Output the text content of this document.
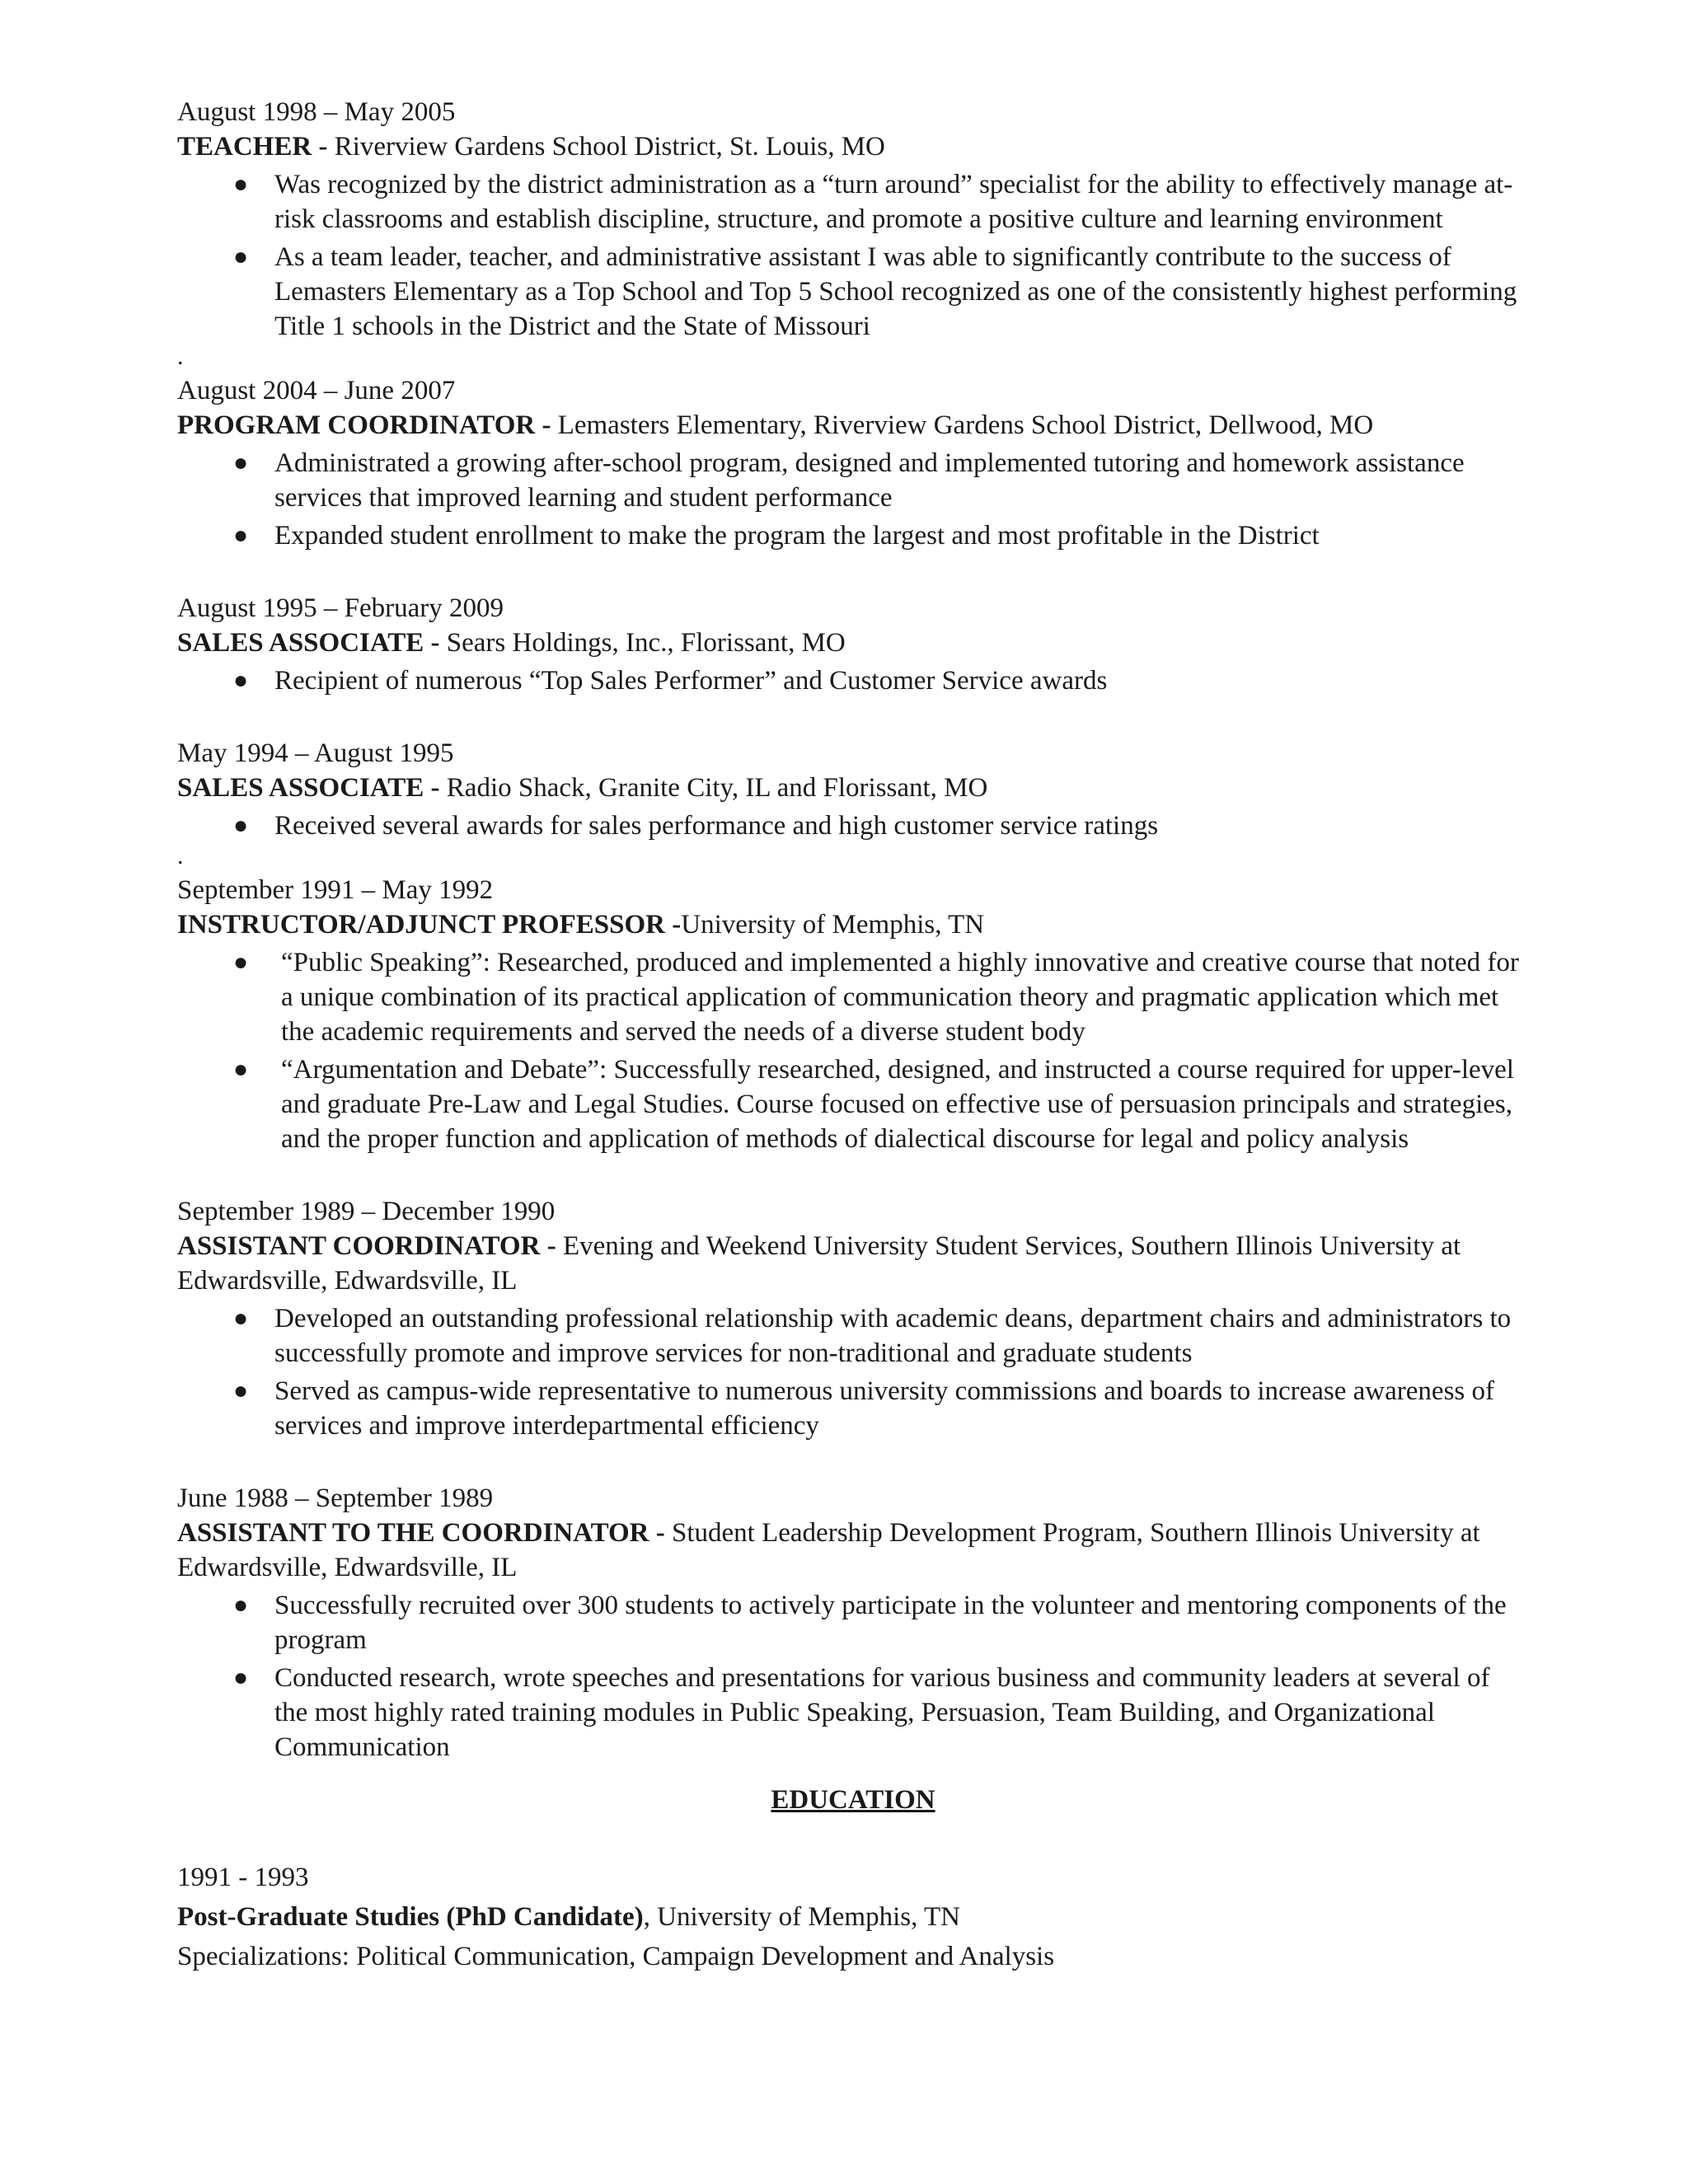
August 1998 – May 2005
TEACHER - Riverview Gardens School District, St. Louis, MO
● Was recognized by the district administration as a “turn around” specialist for the ability to effectively manage at-risk classrooms and establish discipline, structure, and promote a positive culture and learning environment
● As a team leader, teacher, and administrative assistant I was able to significantly contribute to the success of Lemasters Elementary as a Top School and Top 5 School recognized as one of the consistently highest performing Title 1 schools in the District and the State of Missouri
.
August 2004 – June 2007
PROGRAM COORDINATOR - Lemasters Elementary, Riverview Gardens School District, Dellwood, MO
● Administrated a growing after-school program, designed and implemented tutoring and homework assistance services that improved learning and student performance
● Expanded student enrollment to make the program the largest and most profitable in the District
August 1995 – February 2009
SALES ASSOCIATE - Sears Holdings, Inc., Florissant, MO
● Recipient of numerous “Top Sales Performer” and Customer Service awards
May 1994 – August 1995
SALES ASSOCIATE - Radio Shack, Granite City, IL and Florissant, MO
● Received several awards for sales performance and high customer service ratings
.
September 1991 – May 1992
INSTRUCTOR/ADJUNCT PROFESSOR -University of Memphis, TN
● “Public Speaking”: Researched, produced and implemented a highly innovative and creative course that noted for a unique combination of its practical application of communication theory and pragmatic application which met the academic requirements and served the needs of a diverse student body
● “Argumentation and Debate”: Successfully researched, designed, and instructed a course required for upper-level and graduate Pre-Law and Legal Studies. Course focused on effective use of persuasion principals and strategies, and the proper function and application of methods of dialectical discourse for legal and policy analysis
September 1989 – December 1990
ASSISTANT COORDINATOR - Evening and Weekend University Student Services, Southern Illinois University at Edwardsville, Edwardsville, IL
● Developed an outstanding professional relationship with academic deans, department chairs and administrators to successfully promote and improve services for non-traditional and graduate students
● Served as campus-wide representative to numerous university commissions and boards to increase awareness of services and improve interdepartmental efficiency
June 1988 – September 1989
ASSISTANT TO THE COORDINATOR - Student Leadership Development Program, Southern Illinois University at Edwardsville, Edwardsville, IL
● Successfully recruited over 300 students to actively participate in the volunteer and mentoring components of the program
● Conducted research, wrote speeches and presentations for various business and community leaders at several of the most highly rated training modules in Public Speaking, Persuasion, Team Building, and Organizational Communication
EDUCATION
1991 - 1993
Post-Graduate Studies (PhD Candidate), University of Memphis, TN
Specializations: Political Communication, Campaign Development and Analysis
